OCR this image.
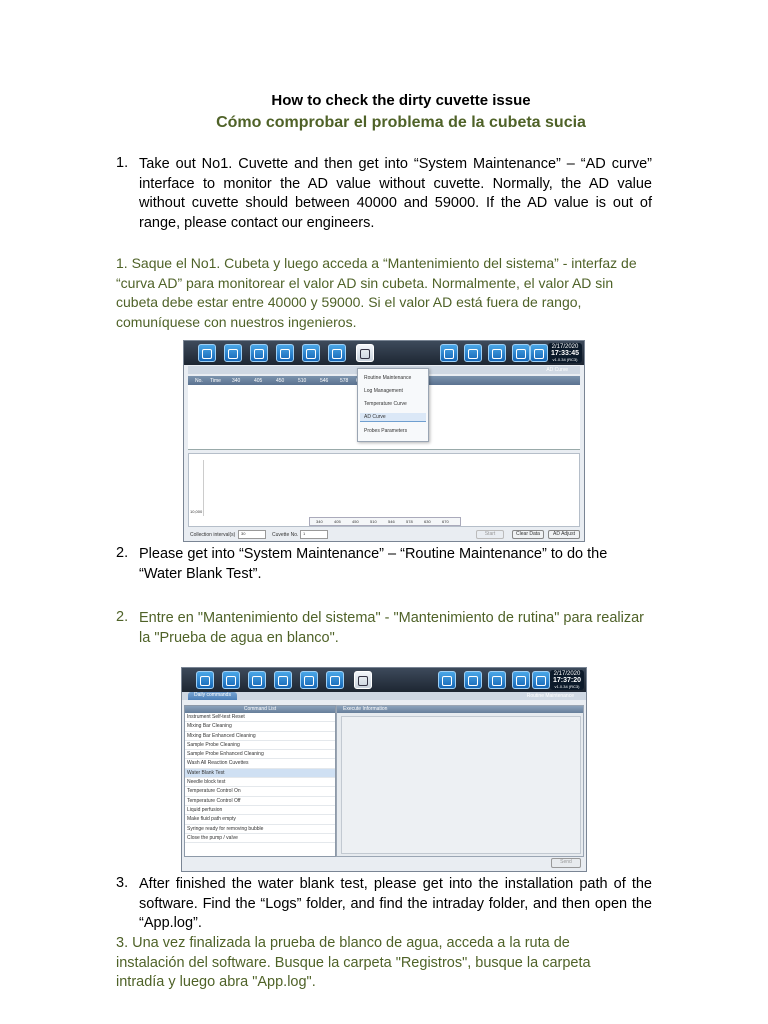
How to check the dirty cuvette issue
Cómo comprobar el problema de la cubeta sucia
1. Take out No1. Cuvette and then get into “System Maintenance” – “AD curve” interface to monitor the AD value without cuvette. Normally, the AD value without cuvette should between 40000 and 59000. If the AD value is out of range, please contact our engineers.
1. Saque el No1. Cubeta y luego acceda a “Mantenimiento del sistema” - interfaz de “curva AD” para monitorear el valor AD sin cubeta. Normalmente, el valor AD sin cubeta debe estar entre 40000 y 59000. Si el valor AD está fuera de rango, comuníquese con nuestros ingenieros.
2/17/2020
17:33:45
v1.0.34 (RC3)
AD Curve
No. Time 340	405	450	510	546 578	Routine Maintenance
Log Management
Temperature Curve
AD Curve
Probes Parameters
10,000
340	405	450	510	546	578	630	670
Collection interval(s)	30	Cuvette No.	1	Start	Clear Data	AD Adjust
2. Please get into “System Maintenance” – “Routine Maintenance” to do the “Water Blank Test”.
2. Entre en "Mantenimiento del sistema" - "Mantenimiento de rutina" para realizar la "Prueba de agua en blanco".
2/17/2020
17:37:20
v1.0.34 (RC3)
Daily commands	Routine Maintenance
Command List
Instrument Self-test Reset
Mixing Bar Cleaning
Mixing Bar Enhanced Cleaning
Sample Probe Cleaning
Sample Probe Enhanced Cleaning
Wash All Reaction Cuvettes
Water Blank Test
Needle block test
Temperature Control On
Temperature Control Off
Liquid perfusion
Make fluid path empty
Syringe ready for removing bubble
Close the pump / valve
Execute Information
Send
3. After finished the water blank test, please get into the installation path of the software. Find the “Logs” folder, and find the intraday folder, and then open the “App.log”.
3. Una vez finalizada la prueba de blanco de agua, acceda a la ruta de instalación del software. Busque la carpeta "Registros", busque la carpeta intradía y luego abra "App.log".
